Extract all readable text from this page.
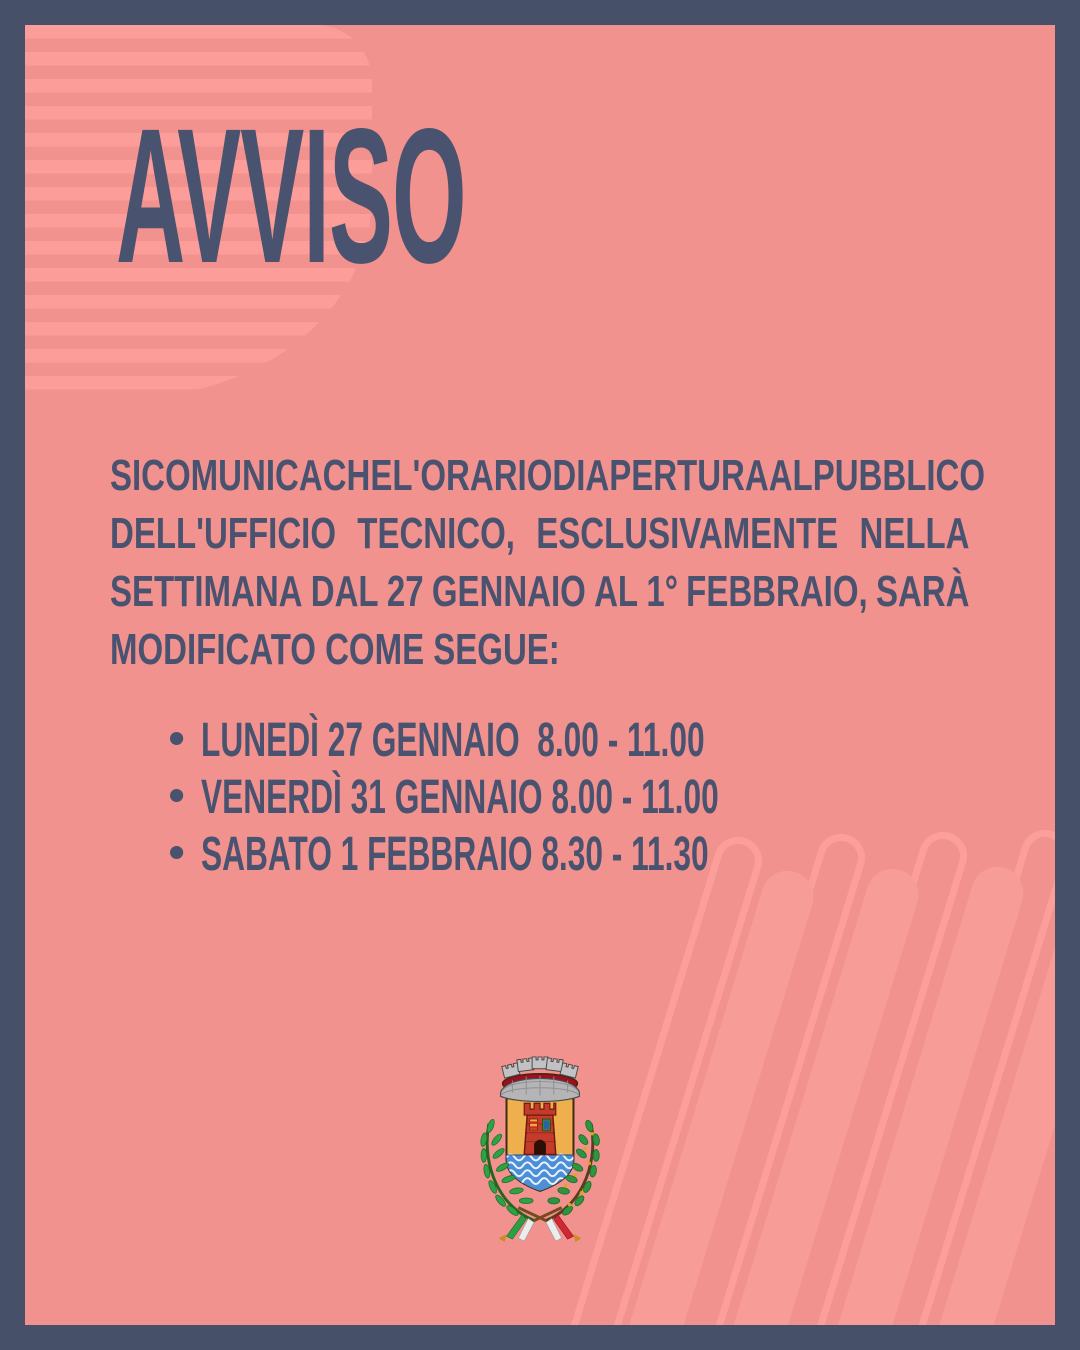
AVVISO
SI COMUNICA CHE L'ORARIO DI APERTURA AL PUBBLICO
DELL'UFFICIO TECNICO, ESCLUSIVAMENTE NELLA
SETTIMANA DAL 27 GENNAIO AL 1° FEBBRAIO, SARÀ
MODIFICATO COME SEGUE:
LUNEDÌ 27 GENNAIO  8.00 - 11.00
VENERDÌ 31 GENNAIO 8.00 - 11.00
SABATO 1 FEBBRAIO 8.30 - 11.30
